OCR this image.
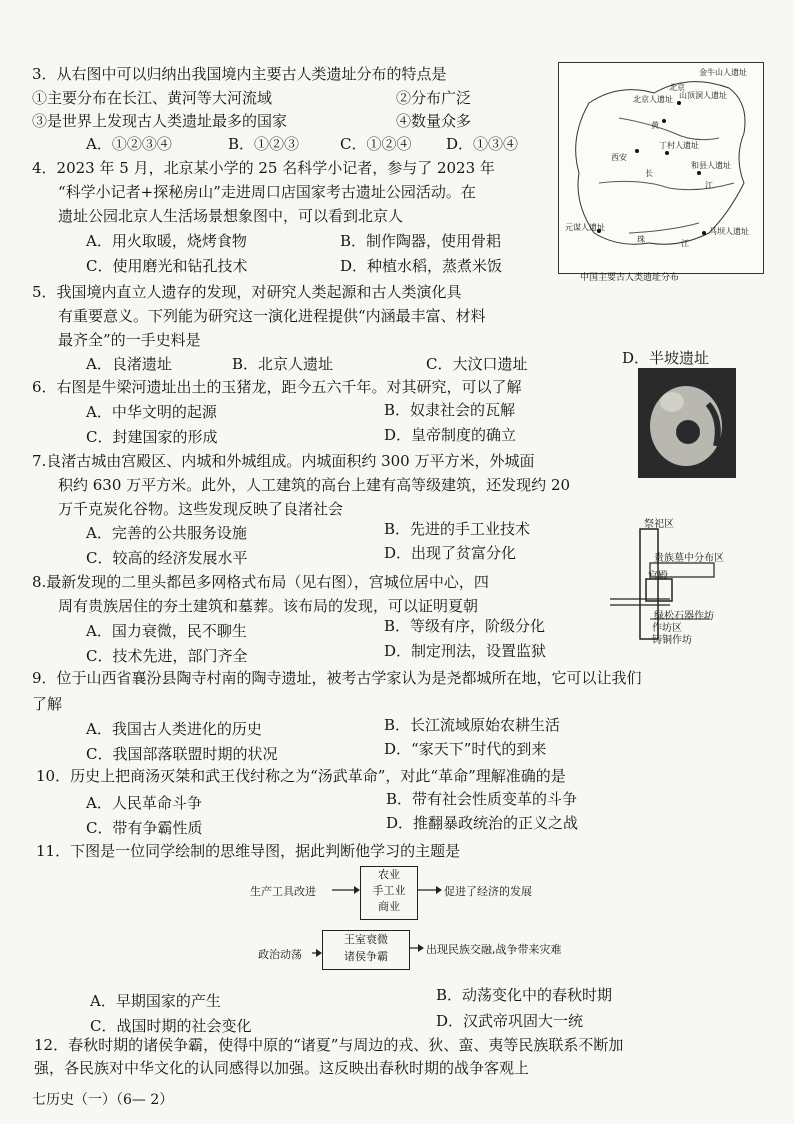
3．从右图中可以归纳出我国境内主要古人类遗址分布的特点是
①主要分布在长江、黄河等大河流域	②分布广泛
③是世界上发现古人类遗址最多的国家	④数量众多
A．①②③④	B．①②③	C．①②④ D．①③④
北京
金牛山人遗址
山顶洞人遗址
北京人遗址
黄
丁村人遗址
西安
和县人遗址
长
江
元谋人遗址
珠	江
马坝人遗址
中国主要古人类遗址分布
4．2023 年 5 月，北京某小学的 25 名科学小记者，参与了 2023 年
“科学小记者+探秘房山”走进周口店国家考古遗址公园活动。在
遗址公园北京人生活场景想象图中，可以看到北京人
A．用火取暖，烧烤食物	B．制作陶器，使用骨耜
C．使用磨光和钻孔技术	D．种植水稻，蒸煮米饭
5．我国境内直立人遗存的发现，对研究人类起源和古人类演化具
有重要意义。下列能为研究这一演化进程提供“内涵最丰富、材料
最齐全”的一手史料是
A．良渚遗址	B．北京人遗址	C．大汶口遗址	D．半坡遗址
6．右图是牛梁河遗址出土的玉猪龙，距今五六千年。对其研究，可以了解
A．中华文明的起源	B．奴隶社会的瓦解
C．封建国家的形成	D．皇帝制度的确立
7.良渚古城由宫殿区、内城和外城组成。内城面积约 300 万平方米，外城面
积约 630 万平方米。此外，人工建筑的高台上建有高等级建筑，还发现约 20
万千克炭化谷物。这些发现反映了良渚社会
A．完善的公共服务设施	B．先进的手工业技术
C．较高的经济发展水平	D．出现了贫富分化
祭祀区
贵族墓中分布区
宫殿
绿松石器作坊
作坊区
铸铜作坊
8.最新发现的二里头都邑多网格式布局（见右图），宫城位居中心，四
周有贵族居住的夯土建筑和墓葬。该布局的发现，可以证明夏朝
A．国力衰微，民不聊生	B．等级有序，阶级分化
C．技术先进，部门齐全	D．制定刑法，设置监狱
9．位于山西省襄汾县陶寺村南的陶寺遗址，被考古学家认为是尧都城所在地，它可以让我们
了解
A．我国古人类进化的历史	B．长江流域原始农耕生活
C．我国部落联盟时期的状况	D．“家天下”时代的到来
10．历史上把商汤灭桀和武王伐纣称之为“汤武革命”，对此“革命”理解准确的是
A．人民革命斗争	B．带有社会性质变革的斗争
C．带有争霸性质	D．推翻暴政统治的正义之战
11．下图是一位同学绘制的思维导图，据此判断他学习的主题是
生产工具改进
农业
手工业
商业
促进了经济的发展
政治动荡
王室衰微
诸侯争霸
出现民族交融,战争带来灾难
A．早期国家的产生	B．动荡变化中的春秋时期
C．战国时期的社会变化	D．汉武帝巩固大一统
12．春秋时期的诸侯争霸，使得中原的“诸夏”与周边的戎、狄、蛮、夷等民族联系不断加
强，各民族对中华文化的认同感得以加强。这反映出春秋时期的战争客观上
七历史（一）（6— 2）
